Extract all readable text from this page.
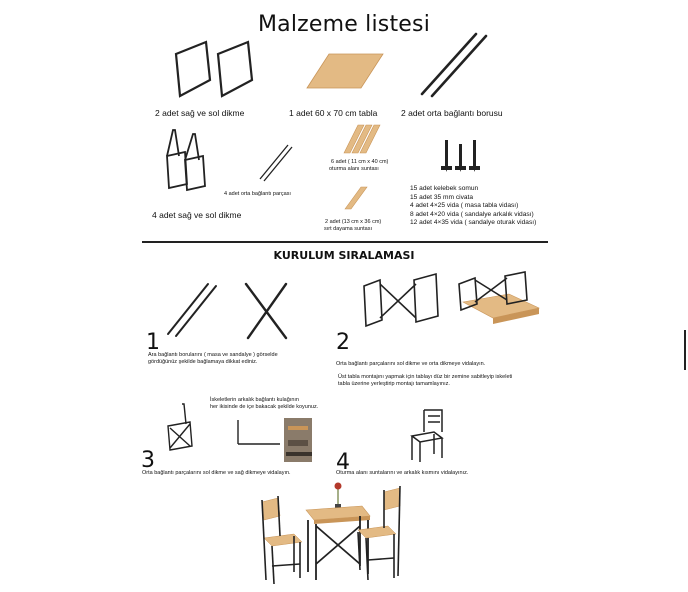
Malzeme listesi
2 adet sağ ve sol dikme	1 adet 60 x 70 cm tabla	2 adet orta bağlantı borusu
4 adet sağ ve sol dikme
4 adet orta bağlantı parçası
6 adet ( 11 cm x 40 cm)
oturma alanı suntası
2 adet (13 cm x 36 cm)
sırt dayama suntası
15 adet kelebek somun
15 adet 35 mm civata
4 adet 4×25 vida ( masa tabla vidası)
8 adet 4×20 vida ( sandalye arkalık vidası)
12 adet 4×35 vida ( sandalye oturak vidası)
KURULUM SIRALAMASI
1
Ara bağlantı borularını ( masa ve sandalye ) görselde
gördüğünüz şekilde bağlamaya dikkat ediniz.
2
Orta bağlantı parçalarını sol dikme ve orta dikmeye vidalayın.
Üst tabla montajını yapmak için tablayı düz bir zemine sabitleyip iskeleti
tabla üzerine yerleştirip montajı tamamlayınız.
İskeletlerin arkalık bağlantı kulağının
her ikisinde de içe bakacak şekilde koyunuz.
3
Orta bağlantı parçalarını sol dikme ve sağ dikmeye vidalayın. 4
Oturma alanı suntalarını ve arkalık kısmını vidalayınız.
